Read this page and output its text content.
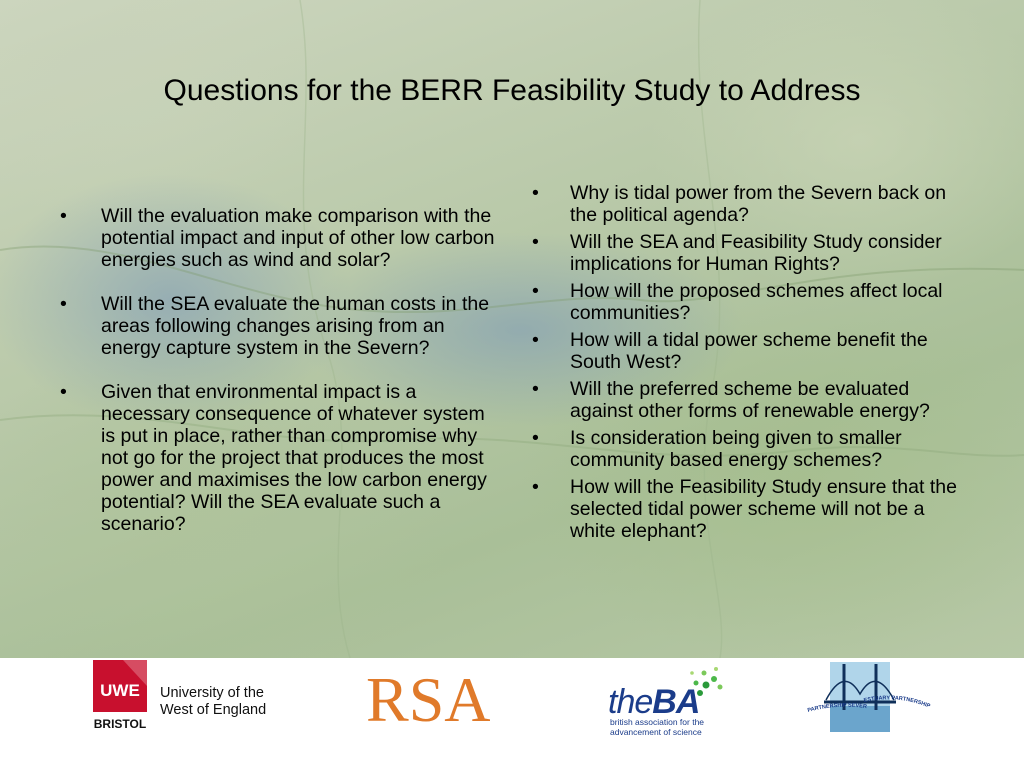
Questions for the BERR Feasibility Study to Address
• Will the evaluation make comparison with the potential impact and input of other low carbon energies such as wind and solar?
• Will the SEA evaluate the human costs in the areas following changes arising from an energy capture system in the Severn?
• Given that environmental impact is a necessary consequence of whatever system is put in place, rather than compromise why not go for the project that produces the most power and maximises the low carbon energy potential? Will the SEA evaluate such a scenario?
• Why is tidal power from the Severn back on the political agenda?
• Will the SEA and Feasibility Study consider implications for Human Rights?
• How will the proposed schemes affect local communities?
• How will a tidal power scheme benefit the South West?
• Will the preferred scheme be evaluated against other forms of renewable energy?
• Is consideration being given to smaller community based energy schemes?
• How will the Feasibility Study ensure that the selected tidal power scheme will not be a white elephant?
UWE
BRISTOL
University of the
West of England RSA	theBA
british association for the
advancement of science
PARTNERSHIP SEVER
ESTUARY PARTNERSHIP
